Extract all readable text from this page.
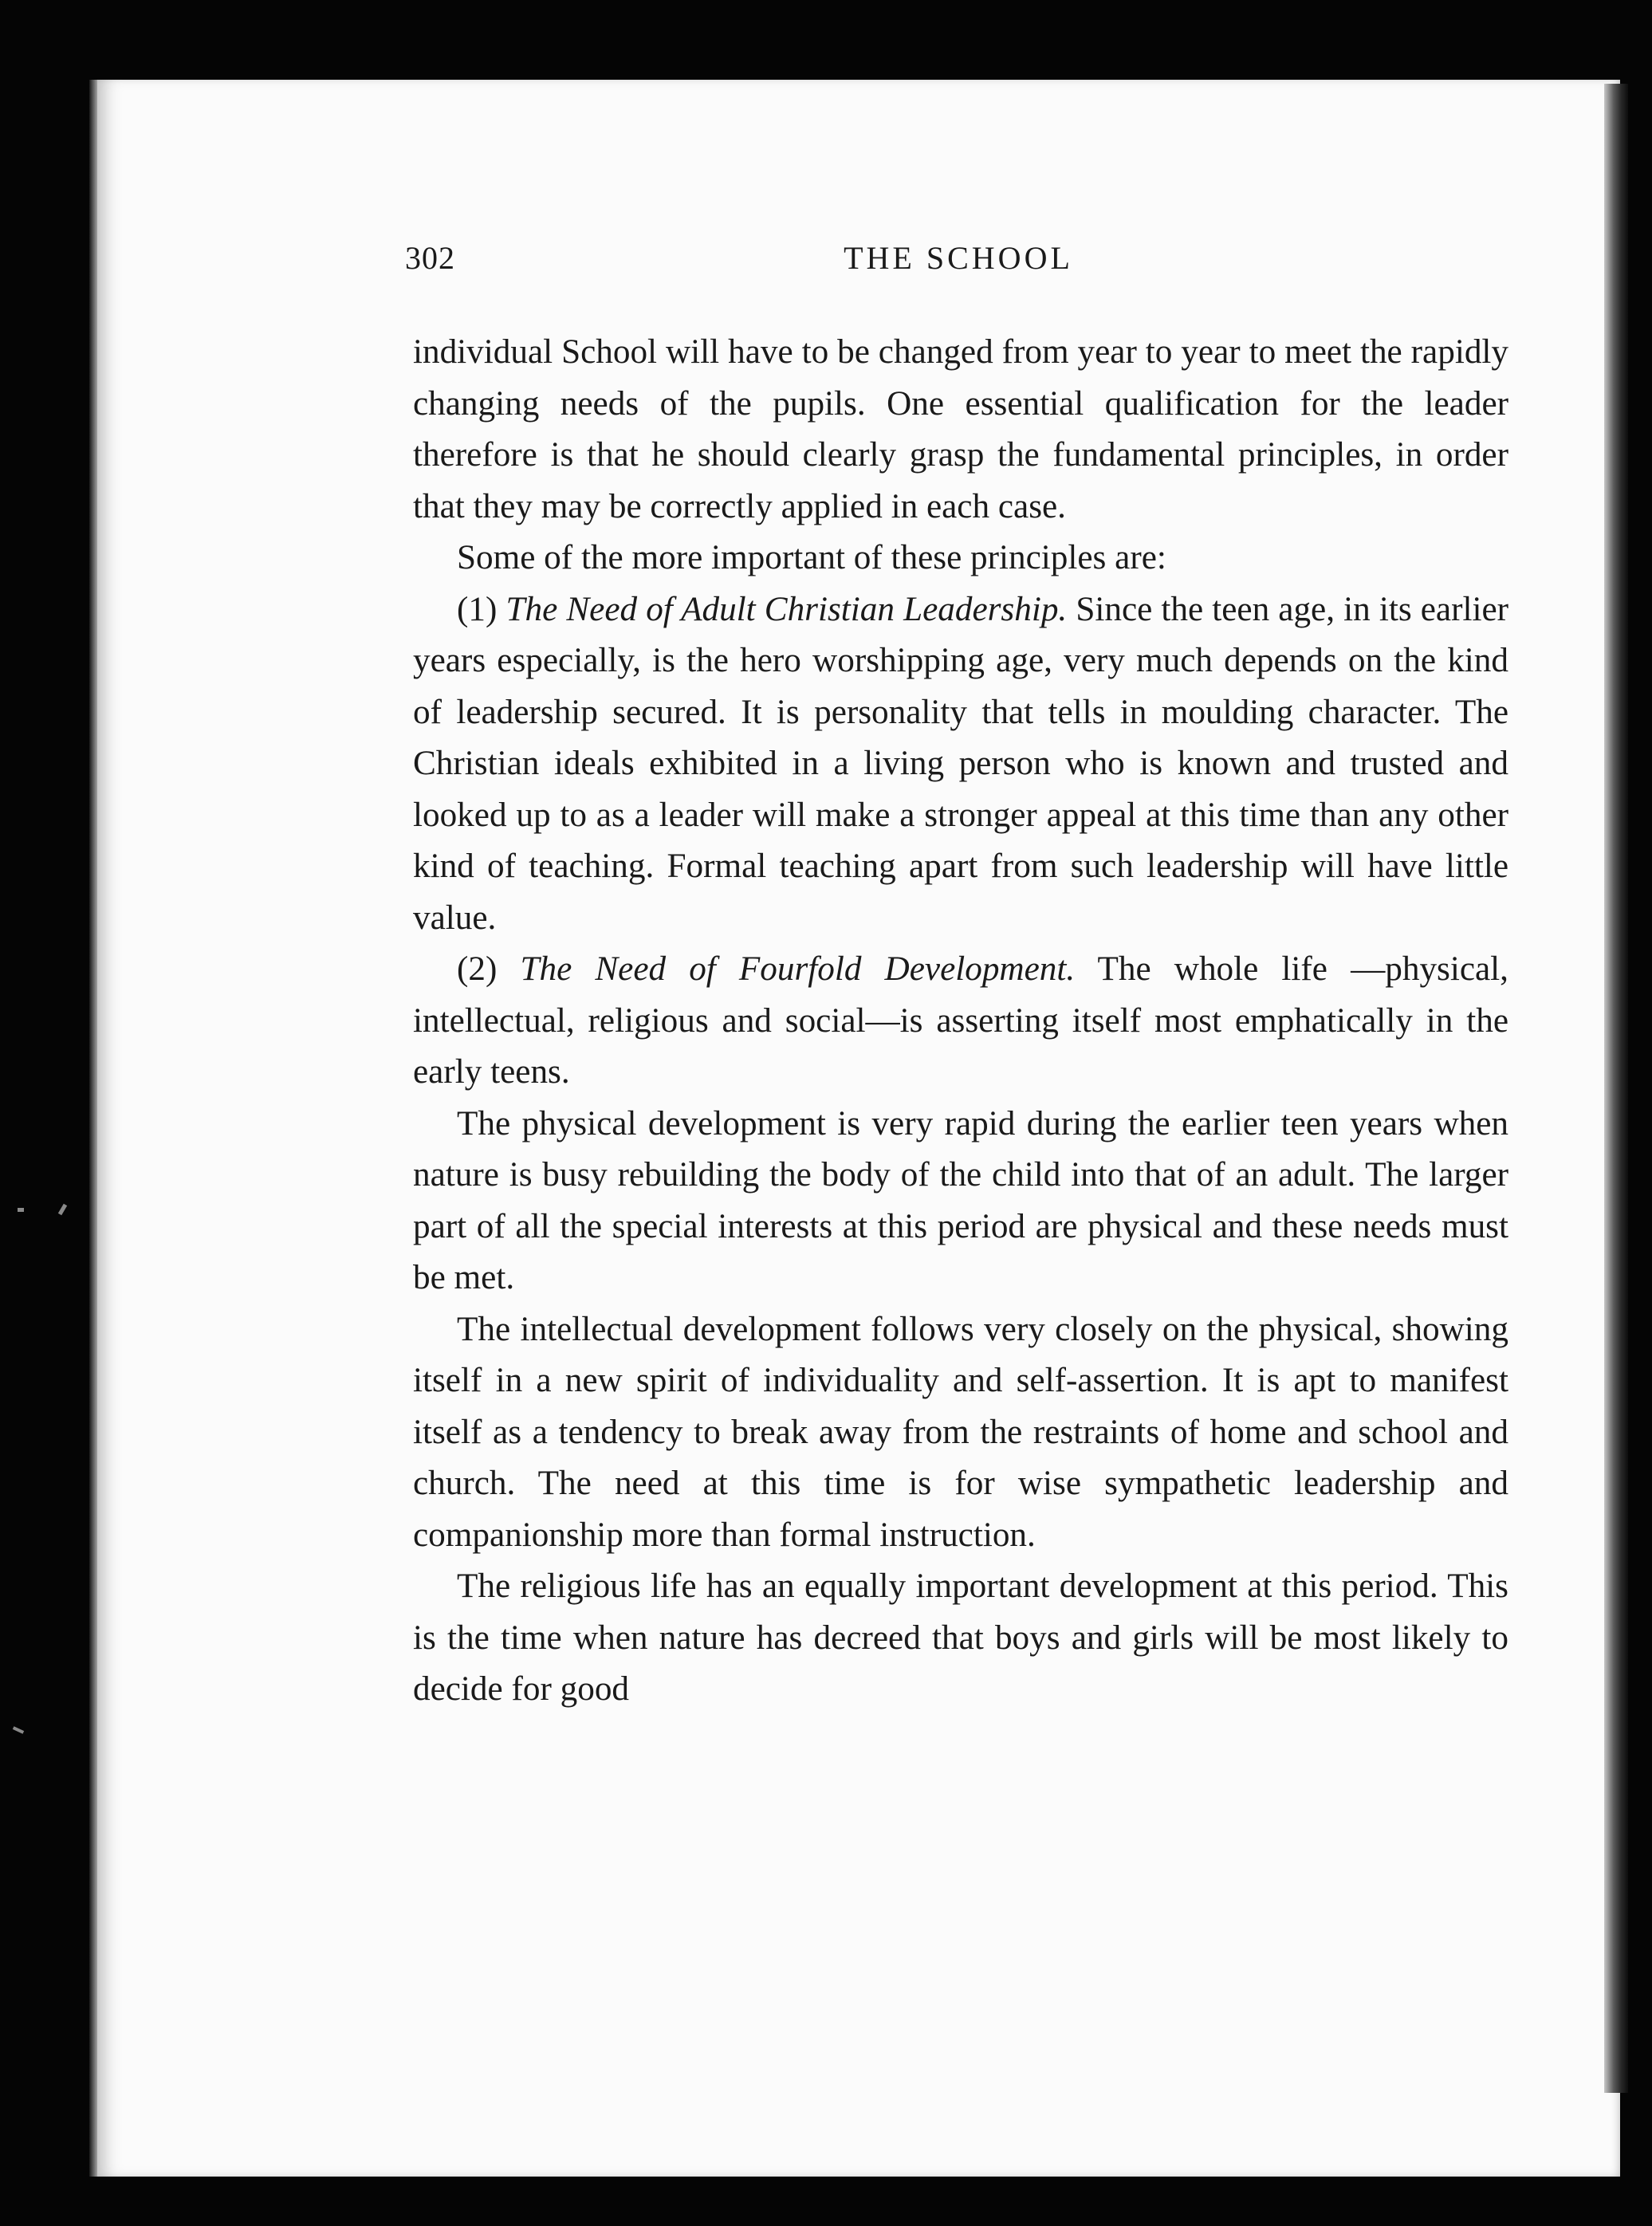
302	THE SCHOOL

individual School will have to be changed from year to year to meet the rapidly changing needs of the pupils. One essential qualification for the leader therefore is that he should clearly grasp the fundamental principles, in order that they may be correctly applied in each case.

Some of the more important of these principles are:

(1) The Need of Adult Christian Leadership. Since the teen age, in its earlier years especially, is the hero worshipping age, very much depends on the kind of leadership secured. It is personality that tells in moulding character. The Christian ideals exhibited in a living person who is known and trusted and looked up to as a leader will make a stronger appeal at this time than any other kind of teaching. Formal teaching apart from such leadership will have little value.

(2) The Need of Fourfold Development. The whole life —physical, intellectual, religious and social—is asserting itself most emphatically in the early teens.

The physical development is very rapid during the earlier teen years when nature is busy rebuilding the body of the child into that of an adult. The larger part of all the special interests at this period are physical and these needs must be met.

The intellectual development follows very closely on the physical, showing itself in a new spirit of individuality and self-assertion. It is apt to manifest itself as a tendency to break away from the restraints of home and school and church. The need at this time is for wise sympathetic leadership and companionship more than formal instruction.

The religious life has an equally important development at this period. This is the time when nature has decreed that boys and girls will be most likely to decide for good
